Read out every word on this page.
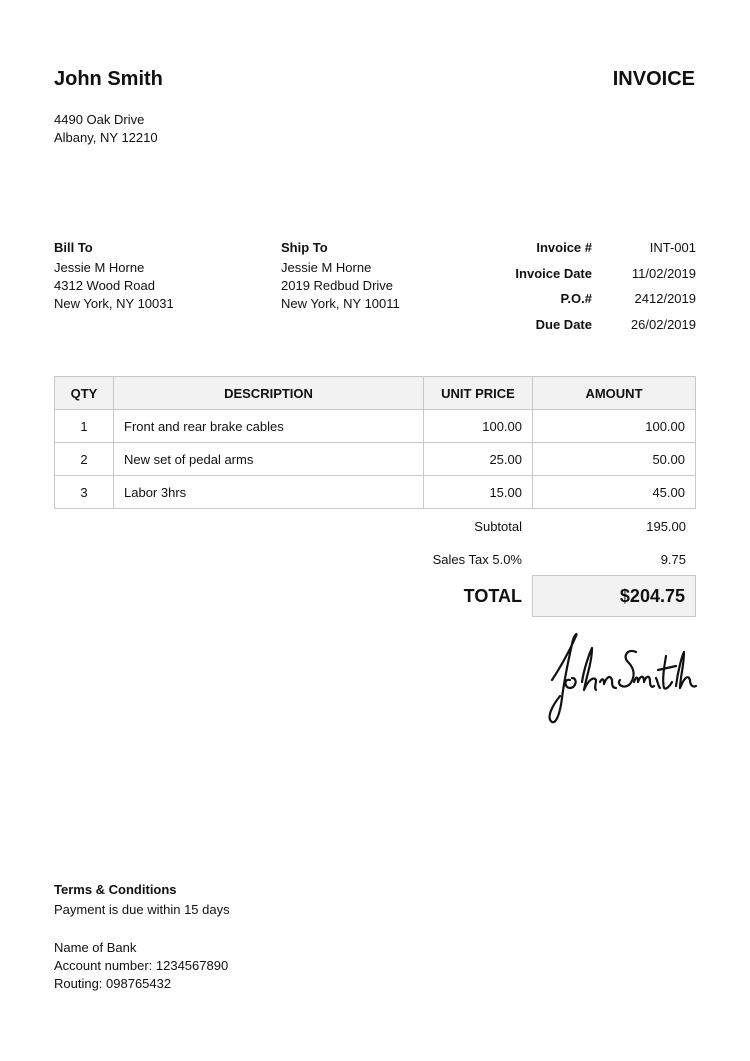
John Smith	INVOICE
4490 Oak Drive
Albany, NY 12210
Bill To
Jessie M Horne
4312 Wood Road
New York, NY 10031
Ship To
Jessie M Horne
2019 Redbud Drive
New York, NY 10011
Invoice #	INT-001
Invoice Date	11/02/2019
P.O.#	2412/2019
Due Date	26/02/2019
QTY	DESCRIPTION	UNIT PRICE	AMOUNT
1	Front and rear brake cables	100.00	100.00
2	New set of pedal arms	25.00	50.00
3	Labor 3hrs	15.00	45.00
Subtotal	195.00
Sales Tax 5.0%	9.75
TOTAL	$204.75
Terms & Conditions
Payment is due within 15 days
Name of Bank
Account number: 1234567890
Routing: 098765432
